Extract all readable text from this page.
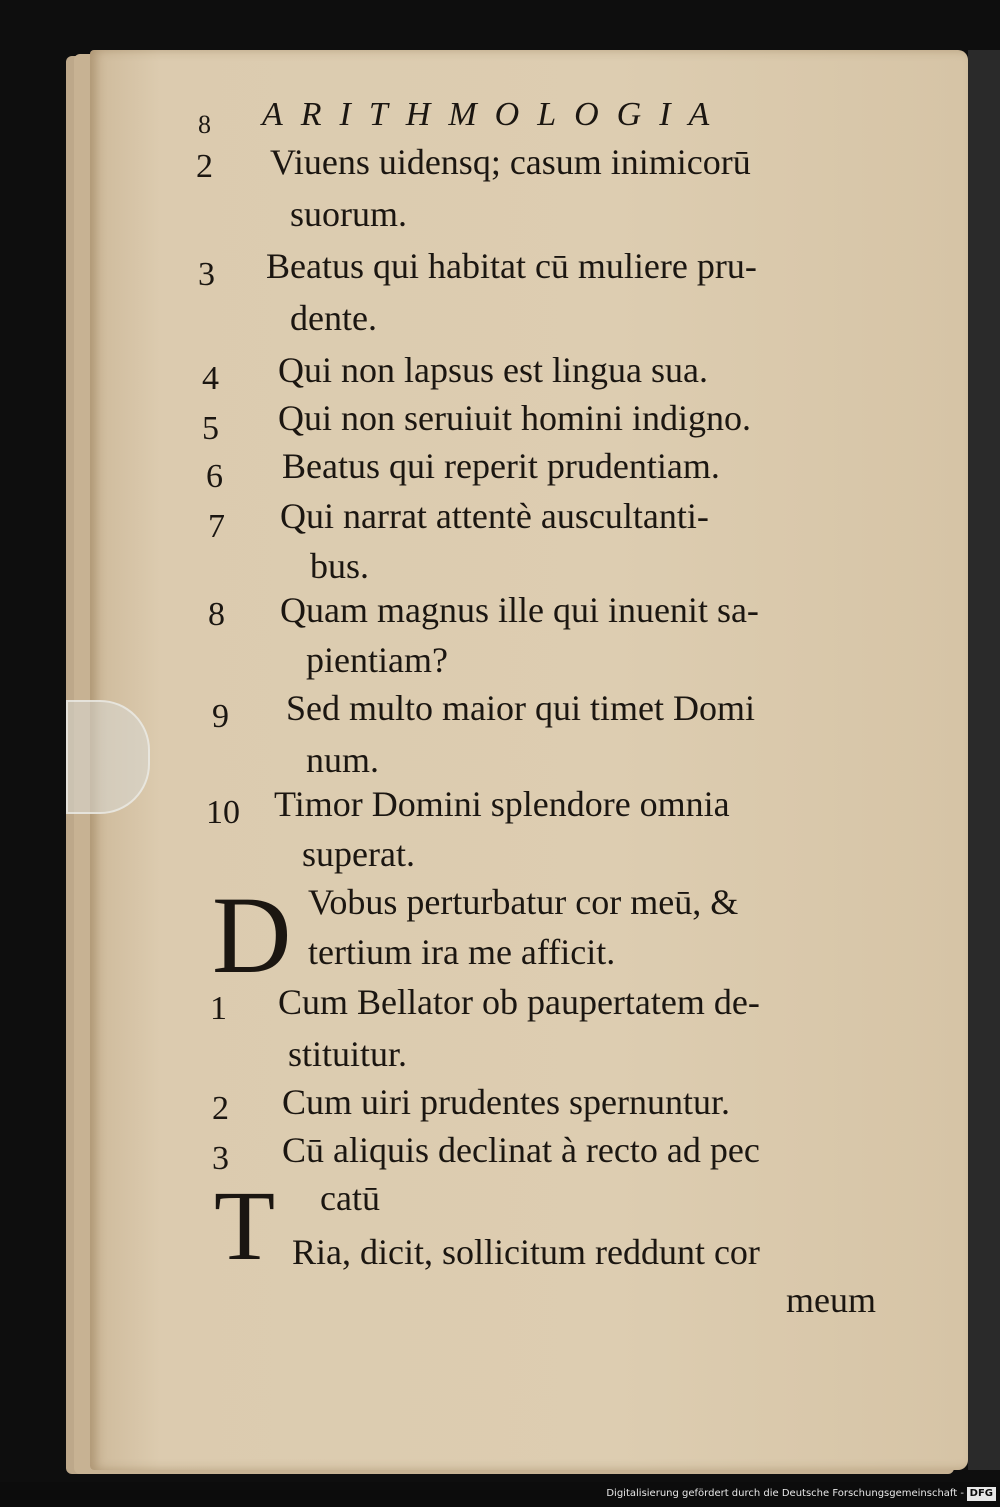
8 ARITHMOLOGIA
2 Viuens uidensq; casum inimicorū
suorum.
3 Beatus qui habitat cū muliere pru-
dente.
4 Qui non lapsus est lingua sua.
5 Qui non seruiuit homini indigno.
6 Beatus qui reperit prudentiam.
7 Qui narrat attentè auscultanti-
bus.
8 Quam magnus ille qui inuenit sa-
pientiam?
9 Sed multo maior qui timet Domi
num.
10 Timor Domini splendore omnia
superat.
D Vobus perturbatur cor meū, &
tertium ira me afficit.
1 Cum Bellator ob paupertatem de-
stituitur.
2 Cum uiri prudentes spernuntur.
3 Cū aliquis declinat à recto ad pec
catū
T Ria, dicit, sollicitum reddunt cor
meum
Digitalisierung gefördert durch die Deutsche Forschungsgemeinschaft - DFG
